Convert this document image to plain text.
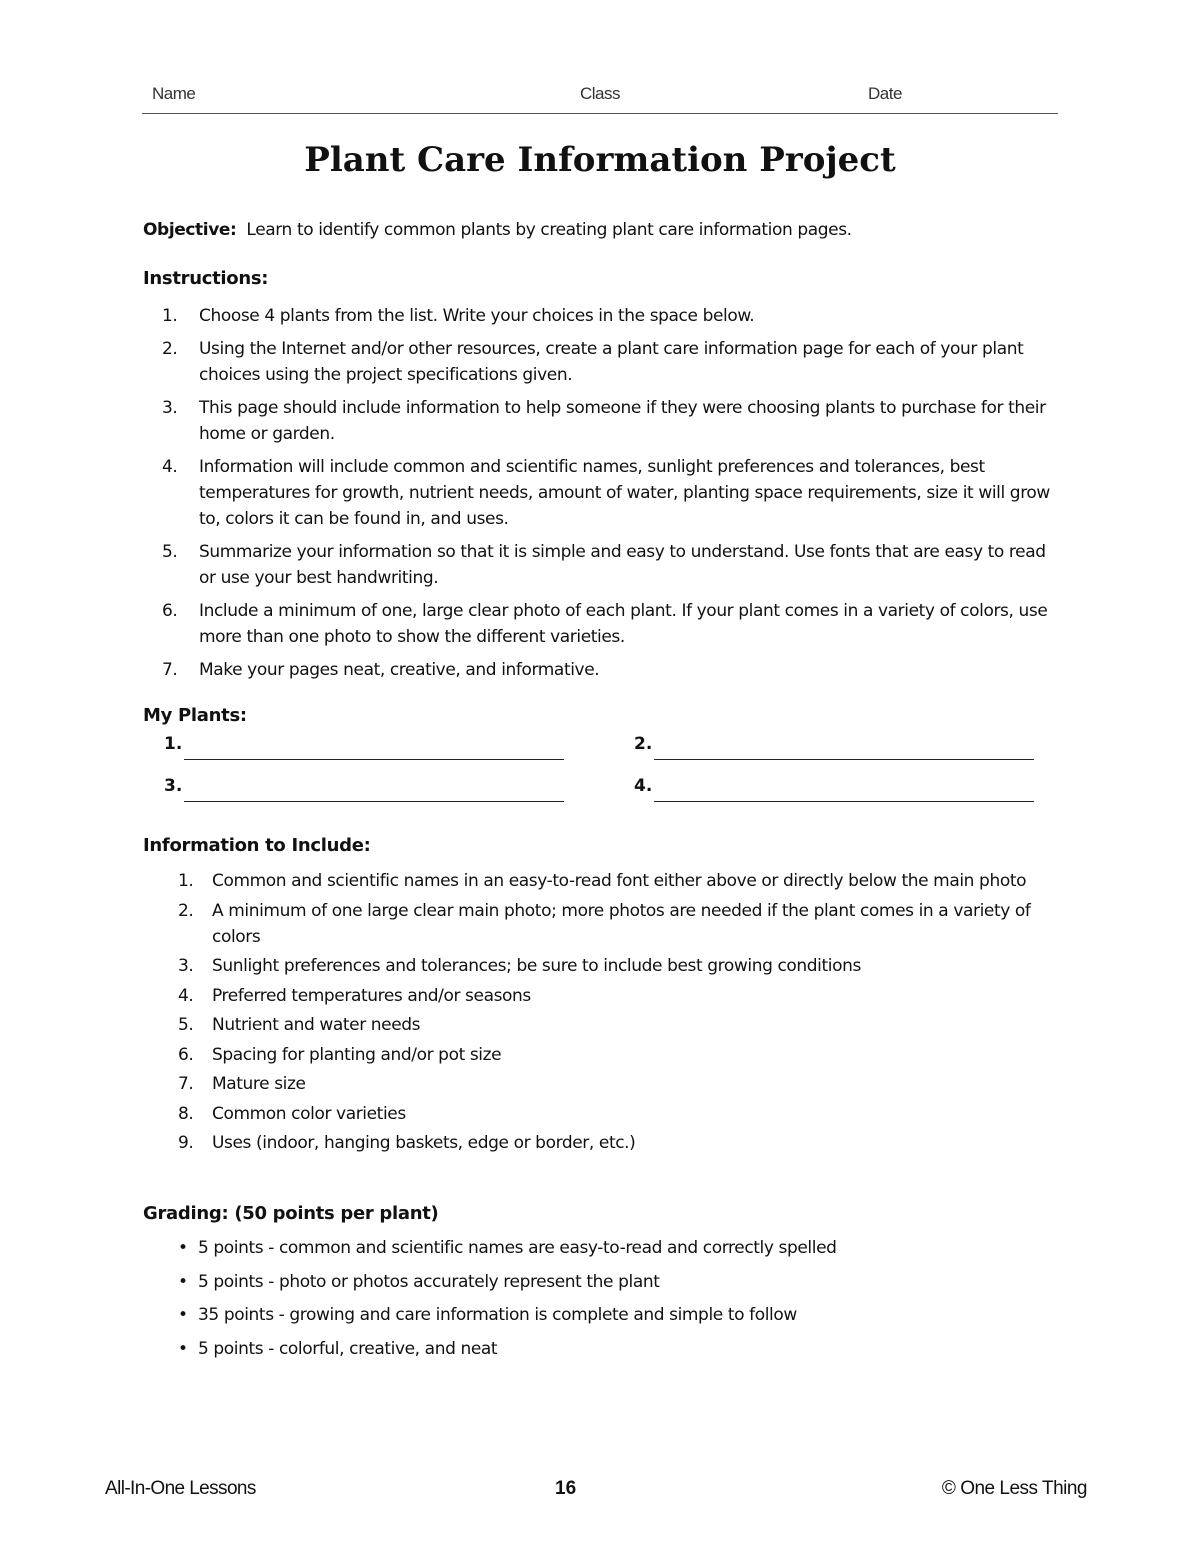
Name	Class	Date
Plant Care Information Project
Objective: Learn to identify common plants by creating plant care information pages.
Instructions:
1. Choose 4 plants from the list. Write your choices in the space below.
2. Using the Internet and/or other resources, create a plant care information page for each of your plant choices using the project specifications given.
3. This page should include information to help someone if they were choosing plants to purchase for their home or garden.
4. Information will include common and scientific names, sunlight preferences and tolerances, best temperatures for growth, nutrient needs, amount of water, planting space requirements, size it will grow to, colors it can be found in, and uses.
5. Summarize your information so that it is simple and easy to understand. Use fonts that are easy to read or use your best handwriting.
6. Include a minimum of one, large clear photo of each plant. If your plant comes in a variety of colors, use more than one photo to show the different varieties.
7. Make your pages neat, creative, and informative.
My Plants:
1.	2.
3.	4.
Information to Include:
1. Common and scientific names in an easy-to-read font either above or directly below the main photo
2. A minimum of one large clear main photo; more photos are needed if the plant comes in a variety of colors
3. Sunlight preferences and tolerances; be sure to include best growing conditions
4. Preferred temperatures and/or seasons
5. Nutrient and water needs
6. Spacing for planting and/or pot size
7. Mature size
8. Common color varieties
9. Uses (indoor, hanging baskets, edge or border, etc.)
Grading: (50 points per plant)
• 5 points - common and scientific names are easy-to-read and correctly spelled
• 5 points - photo or photos accurately represent the plant
• 35 points - growing and care information is complete and simple to follow
• 5 points - colorful, creative, and neat
All-In-One Lessons	16	© One Less Thing
